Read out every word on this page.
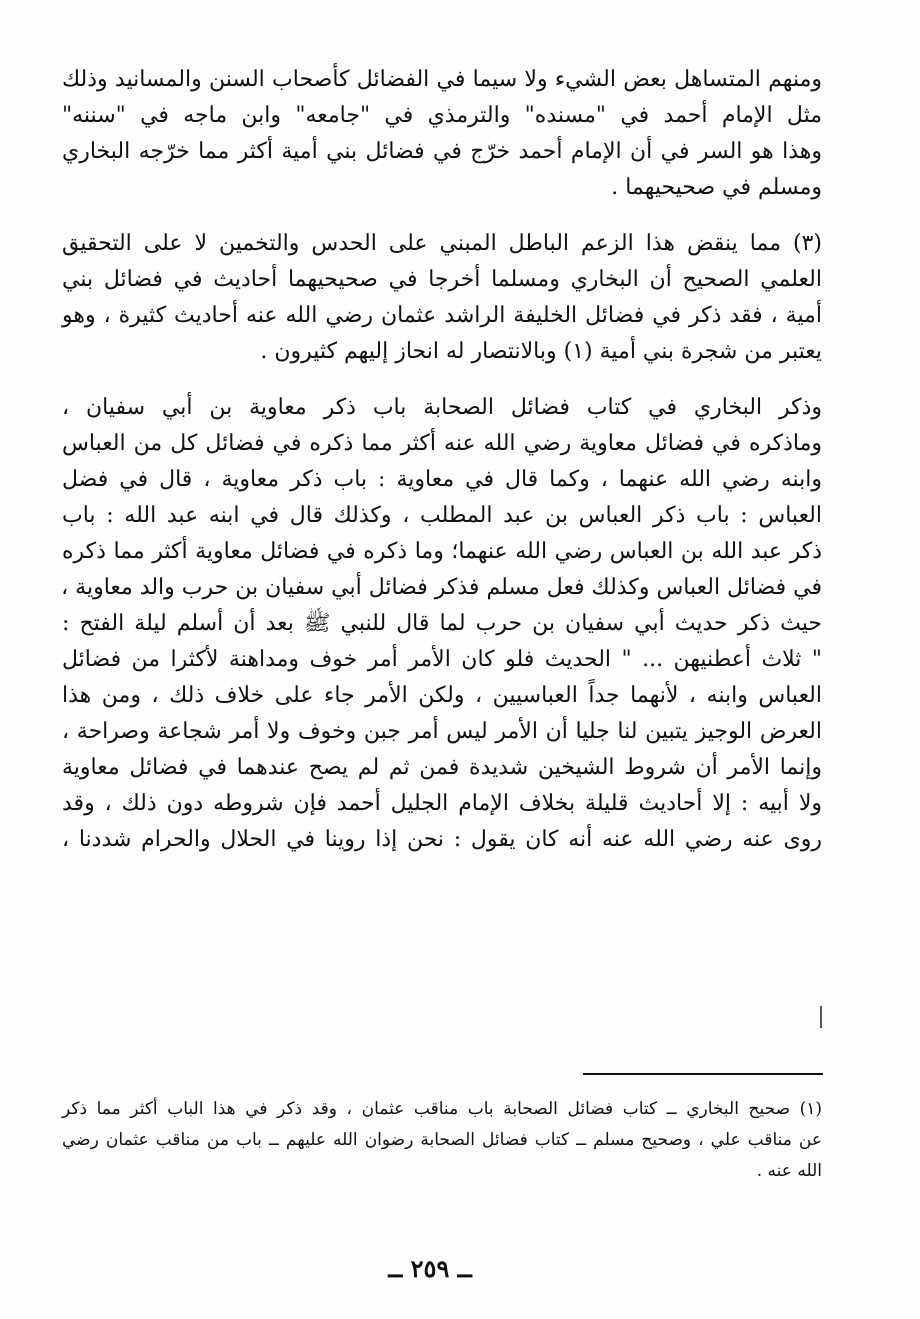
ومنهم المتساهل بعض الشيء ولا سيما في الفضائل كأصحاب السنن والمسانيد وذلك
مثل الإمام أحمد في "مسنده" والترمذي في "جامعه" وابن ماجه في "سننه"
وهذا هو السر في أن الإمام أحمد خرّج في فضائل بني أمية أكثر مما خرّجه البخاري
ومسلم في صحيحيهما .
(٣) مما ينقض هذا الزعم الباطل المبني على الحدس والتخمين لا على التحقيق
العلمي الصحيح أن البخاري ومسلما أخرجا في صحيحيهما أحاديث في فضائل بني
أمية ، فقد ذكر في فضائل الخليفة الراشد عثمان رضي الله عنه أحاديث كثيرة ، وهو
يعتبر من شجرة بني أمية (١) وبالانتصار له انحاز إليهم كثيرون .
وذكر البخاري في كتاب فضائل الصحابة باب ذكر معاوية بن أبي سفيان ،
وماذكره في فضائل معاوية رضي الله عنه أكثر مما ذكره في فضائل كل من العباس
وابنه رضي الله عنهما ، وكما قال في معاوية : باب ذكر معاوية ، قال في فضل
العباس : باب ذكر العباس بن عبد المطلب ، وكذلك قال في ابنه عبد الله : باب
ذكر عبد الله بن العباس رضي الله عنهما؛ وما ذكره في فضائل معاوية أكثر مما ذكره
في فضائل العباس وكذلك فعل مسلم فذكر فضائل أبي سفيان بن حرب والد معاوية ،
حيث ذكر حديث أبي سفيان بن حرب لما قال للنبي ﷺ بعد أن أسلم ليلة الفتح :
" ثلاث أعطنيهن ... " الحديث فلو كان الأمر أمر خوف ومداهنة لأكثرا من فضائل
العباس وابنه ، لأنهما جداً العباسيين ، ولكن الأمر جاء على خلاف ذلك ، ومن هذا
العرض الوجيز يتبين لنا جليا أن الأمر ليس أمر جبن وخوف ولا أمر شجاعة وصراحة ،
وإنما الأمر أن شروط الشيخين شديدة فمن ثم لم يصح عندهما في فضائل معاوية
ولا أبيه : إلا أحاديث قليلة بخلاف الإمام الجليل أحمد فإن شروطه دون ذلك ، وقد
روى عنه رضي الله عنه أنه كان يقول : نحن إذا روينا في الحلال والحرام شددنا ،
(١) صحيح البخاري ــ كتاب فضائل الصحابة باب مناقب عثمان ، وقد ذكر في هذا الباب أكثر مما ذكر
عن مناقب علي ، وصحيح مسلم ــ كتاب فضائل الصحابة رضوان الله عليهم ــ باب من مناقب عثمان رضي
الله عنه .
ــ ٢٥٩ ــ
